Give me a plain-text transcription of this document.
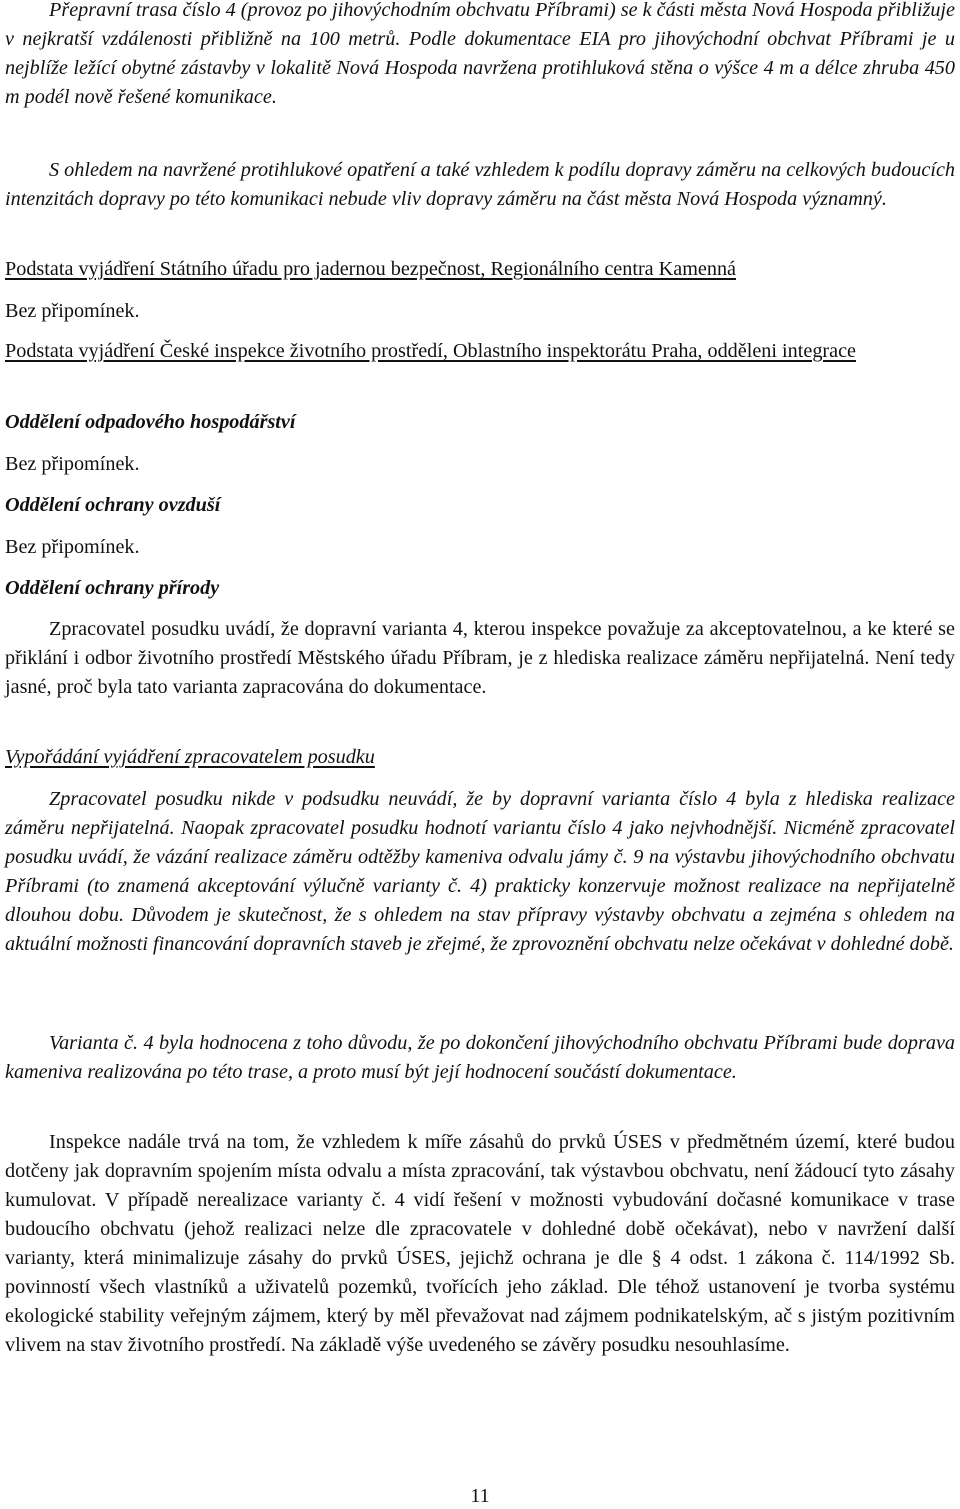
Přepravní trasa číslo 4 (provoz po jihovýchodním obchvatu Příbrami) se k části města Nová Hospoda přibližuje v nejkratší vzdálenosti přibližně na 100 metrů. Podle dokumentace EIA pro jihovýchodní obchvat Příbrami je u nejblíže ležící obytné zástavby v lokalitě Nová Hospoda navržena protihluková stěna o výšce 4 m a délce zhruba 450 m podél nově řešené komunikace.

S ohledem na navržené protihlukové opatření a také vzhledem k podílu dopravy záměru na celkových budoucích intenzitách dopravy po této komunikaci nebude vliv dopravy záměru na část města Nová Hospoda významný.

Podstata vyjádření Státního úřadu pro jadernou bezpečnost, Regionálního centra Kamenná

Bez připomínek.

Podstata vyjádření České inspekce životního prostředí, Oblastního inspektorátu Praha, odděleni integrace

Oddělení odpadového hospodářství

Bez připomínek.

Oddělení ochrany ovzduší

Bez připomínek.

Oddělení ochrany přírody

Zpracovatel posudku uvádí, že dopravní varianta 4, kterou inspekce považuje za akceptovatelnou, a ke které se přiklání i odbor životního prostředí Městského úřadu Příbram, je z hlediska realizace záměru nepřijatelná. Není tedy jasné, proč byla tato varianta zapracována do dokumentace.

Vypořádání vyjádření zpracovatelem posudku

Zpracovatel posudku nikde v podsudku neuvádí, že by dopravní varianta číslo 4 byla z hlediska realizace záměru nepřijatelná. Naopak zpracovatel posudku hodnotí variantu číslo 4 jako nejvhodnější. Nicméně zpracovatel posudku uvádí, že vázání realizace záměru odtěžby kameniva odvalu jámy č. 9 na výstavbu jihovýchodního obchvatu Příbrami (to znamená akceptování výlučně varianty č. 4) prakticky konzervuje možnost realizace na nepřijatelně dlouhou dobu. Důvodem je skutečnost, že s ohledem na stav přípravy výstavby obchvatu a zejména s ohledem na aktuální možnosti financování dopravních staveb je zřejmé, že zprovoznění obchvatu nelze očekávat v dohledné době.

Varianta č. 4 byla hodnocena z toho důvodu, že po dokončení jihovýchodního obchvatu Příbrami bude doprava kameniva realizována po této trase, a proto musí být její hodnocení součástí dokumentace.

Inspekce nadále trvá na tom, že vzhledem k míře zásahů do prvků ÚSES v předmětném území, které budou dotčeny jak dopravním spojením místa odvalu a místa zpracování, tak výstavbou obchvatu, není žádoucí tyto zásahy kumulovat. V případě nerealizace varianty č. 4 vidí řešení v možnosti vybudování dočasné komunikace v trase budoucího obchvatu (jehož realizaci nelze dle zpracovatele v dohledné době očekávat), nebo v navržení další varianty, která minimalizuje zásahy do prvků ÚSES, jejichž ochrana je dle § 4 odst. 1 zákona č. 114/1992 Sb. povinností všech vlastníků a uživatelů pozemků, tvořících jeho základ. Dle téhož ustanovení je tvorba systému ekologické stability veřejným zájmem, který by měl převažovat nad zájmem podnikatelským, ač s jistým pozitivním vlivem na stav životního prostředí. Na základě výše uvedeného se závěry posudku nesouhlasíme.

11
